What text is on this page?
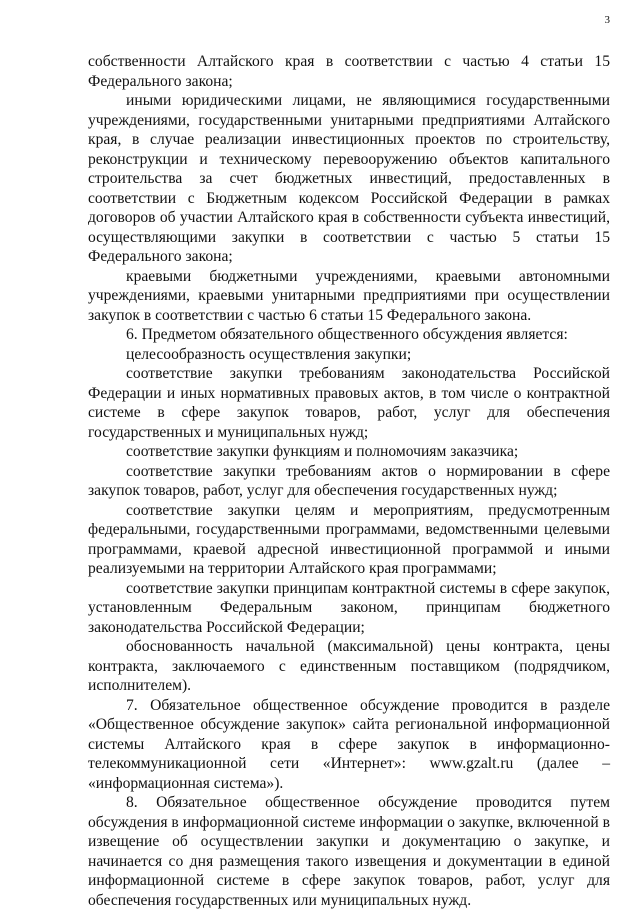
3

собственности Алтайского края в соответствии с частью 4 статьи 15 Федерального закона;

иными юридическими лицами, не являющимися государственными учреждениями, государственными унитарными предприятиями Алтайского края, в случае реализации инвестиционных проектов по строительству, реконструкции и техническому перевооружению объектов капитального строительства за счет бюджетных инвестиций, предоставленных в соответствии с Бюджетным кодексом Российской Федерации в рамках договоров об участии Алтайского края в собственности субъекта инвестиций, осуществляющими закупки в соответствии с частью 5 статьи 15 Федерального закона;

краевыми бюджетными учреждениями, краевыми автономными учреждениями, краевыми унитарными предприятиями при осуществлении закупок в соответствии с частью 6 статьи 15 Федерального закона.

6. Предметом обязательного общественного обсуждения является:

целесообразность осуществления закупки;

соответствие закупки требованиям законодательства Российской Федерации и иных нормативных правовых актов, в том числе о контрактной системе в сфере закупок товаров, работ, услуг для обеспечения государственных и муниципальных нужд;

соответствие закупки функциям и полномочиям заказчика;

соответствие закупки требованиям актов о нормировании в сфере закупок товаров, работ, услуг для обеспечения государственных нужд;

соответствие закупки целям и мероприятиям, предусмотренным федеральными, государственными программами, ведомственными целевыми программами, краевой адресной инвестиционной программой и иными реализуемыми на территории Алтайского края программами;

соответствие закупки принципам контрактной системы в сфере закупок, установленным Федеральным законом, принципам бюджетного законодательства Российской Федерации;

обоснованность начальной (максимальной) цены контракта, цены контракта, заключаемого с единственным поставщиком (подрядчиком, исполнителем).

7. Обязательное общественное обсуждение проводится в разделе «Общественное обсуждение закупок» сайта региональной информационной системы Алтайского края в сфере закупок в информационно-телекоммуникационной сети «Интернет»: www.gzalt.ru (далее – «информационная система»).

8. Обязательное общественное обсуждение проводится путем обсуждения в информационной системе информации о закупке, включенной в извещение об осуществлении закупки и документацию о закупке, и начинается со дня размещения такого извещения и документации в единой информационной системе в сфере закупок товаров, работ, услуг для обеспечения государственных или муниципальных нужд.
